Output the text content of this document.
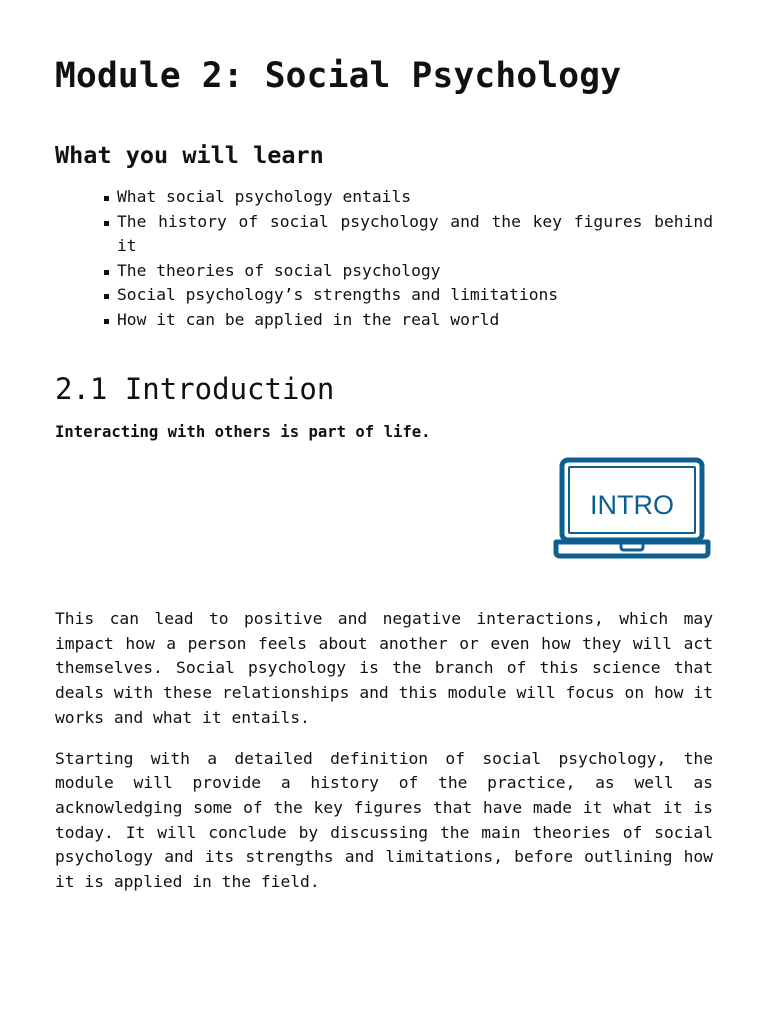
Module 2: Social Psychology
What you will learn
What social psychology entails
The history of social psychology and the key figures behind it
The theories of social psychology
Social psychology’s strengths and limitations
How it can be applied in the real world
2.1 Introduction

Interacting with others is part of life.

INTRO

This can lead to positive and negative interactions, which may impact how a person feels about another or even how they will act themselves. Social psychology is the branch of this science that deals with these relationships and this module will focus on how it works and what it entails.

Starting with a detailed definition of social psychology, the module will provide a history of the practice, as well as acknowledging some of the key figures that have made it what it is today. It will conclude by discussing the main theories of social psychology and its strengths and limitations, before outlining how it is applied in the field.
